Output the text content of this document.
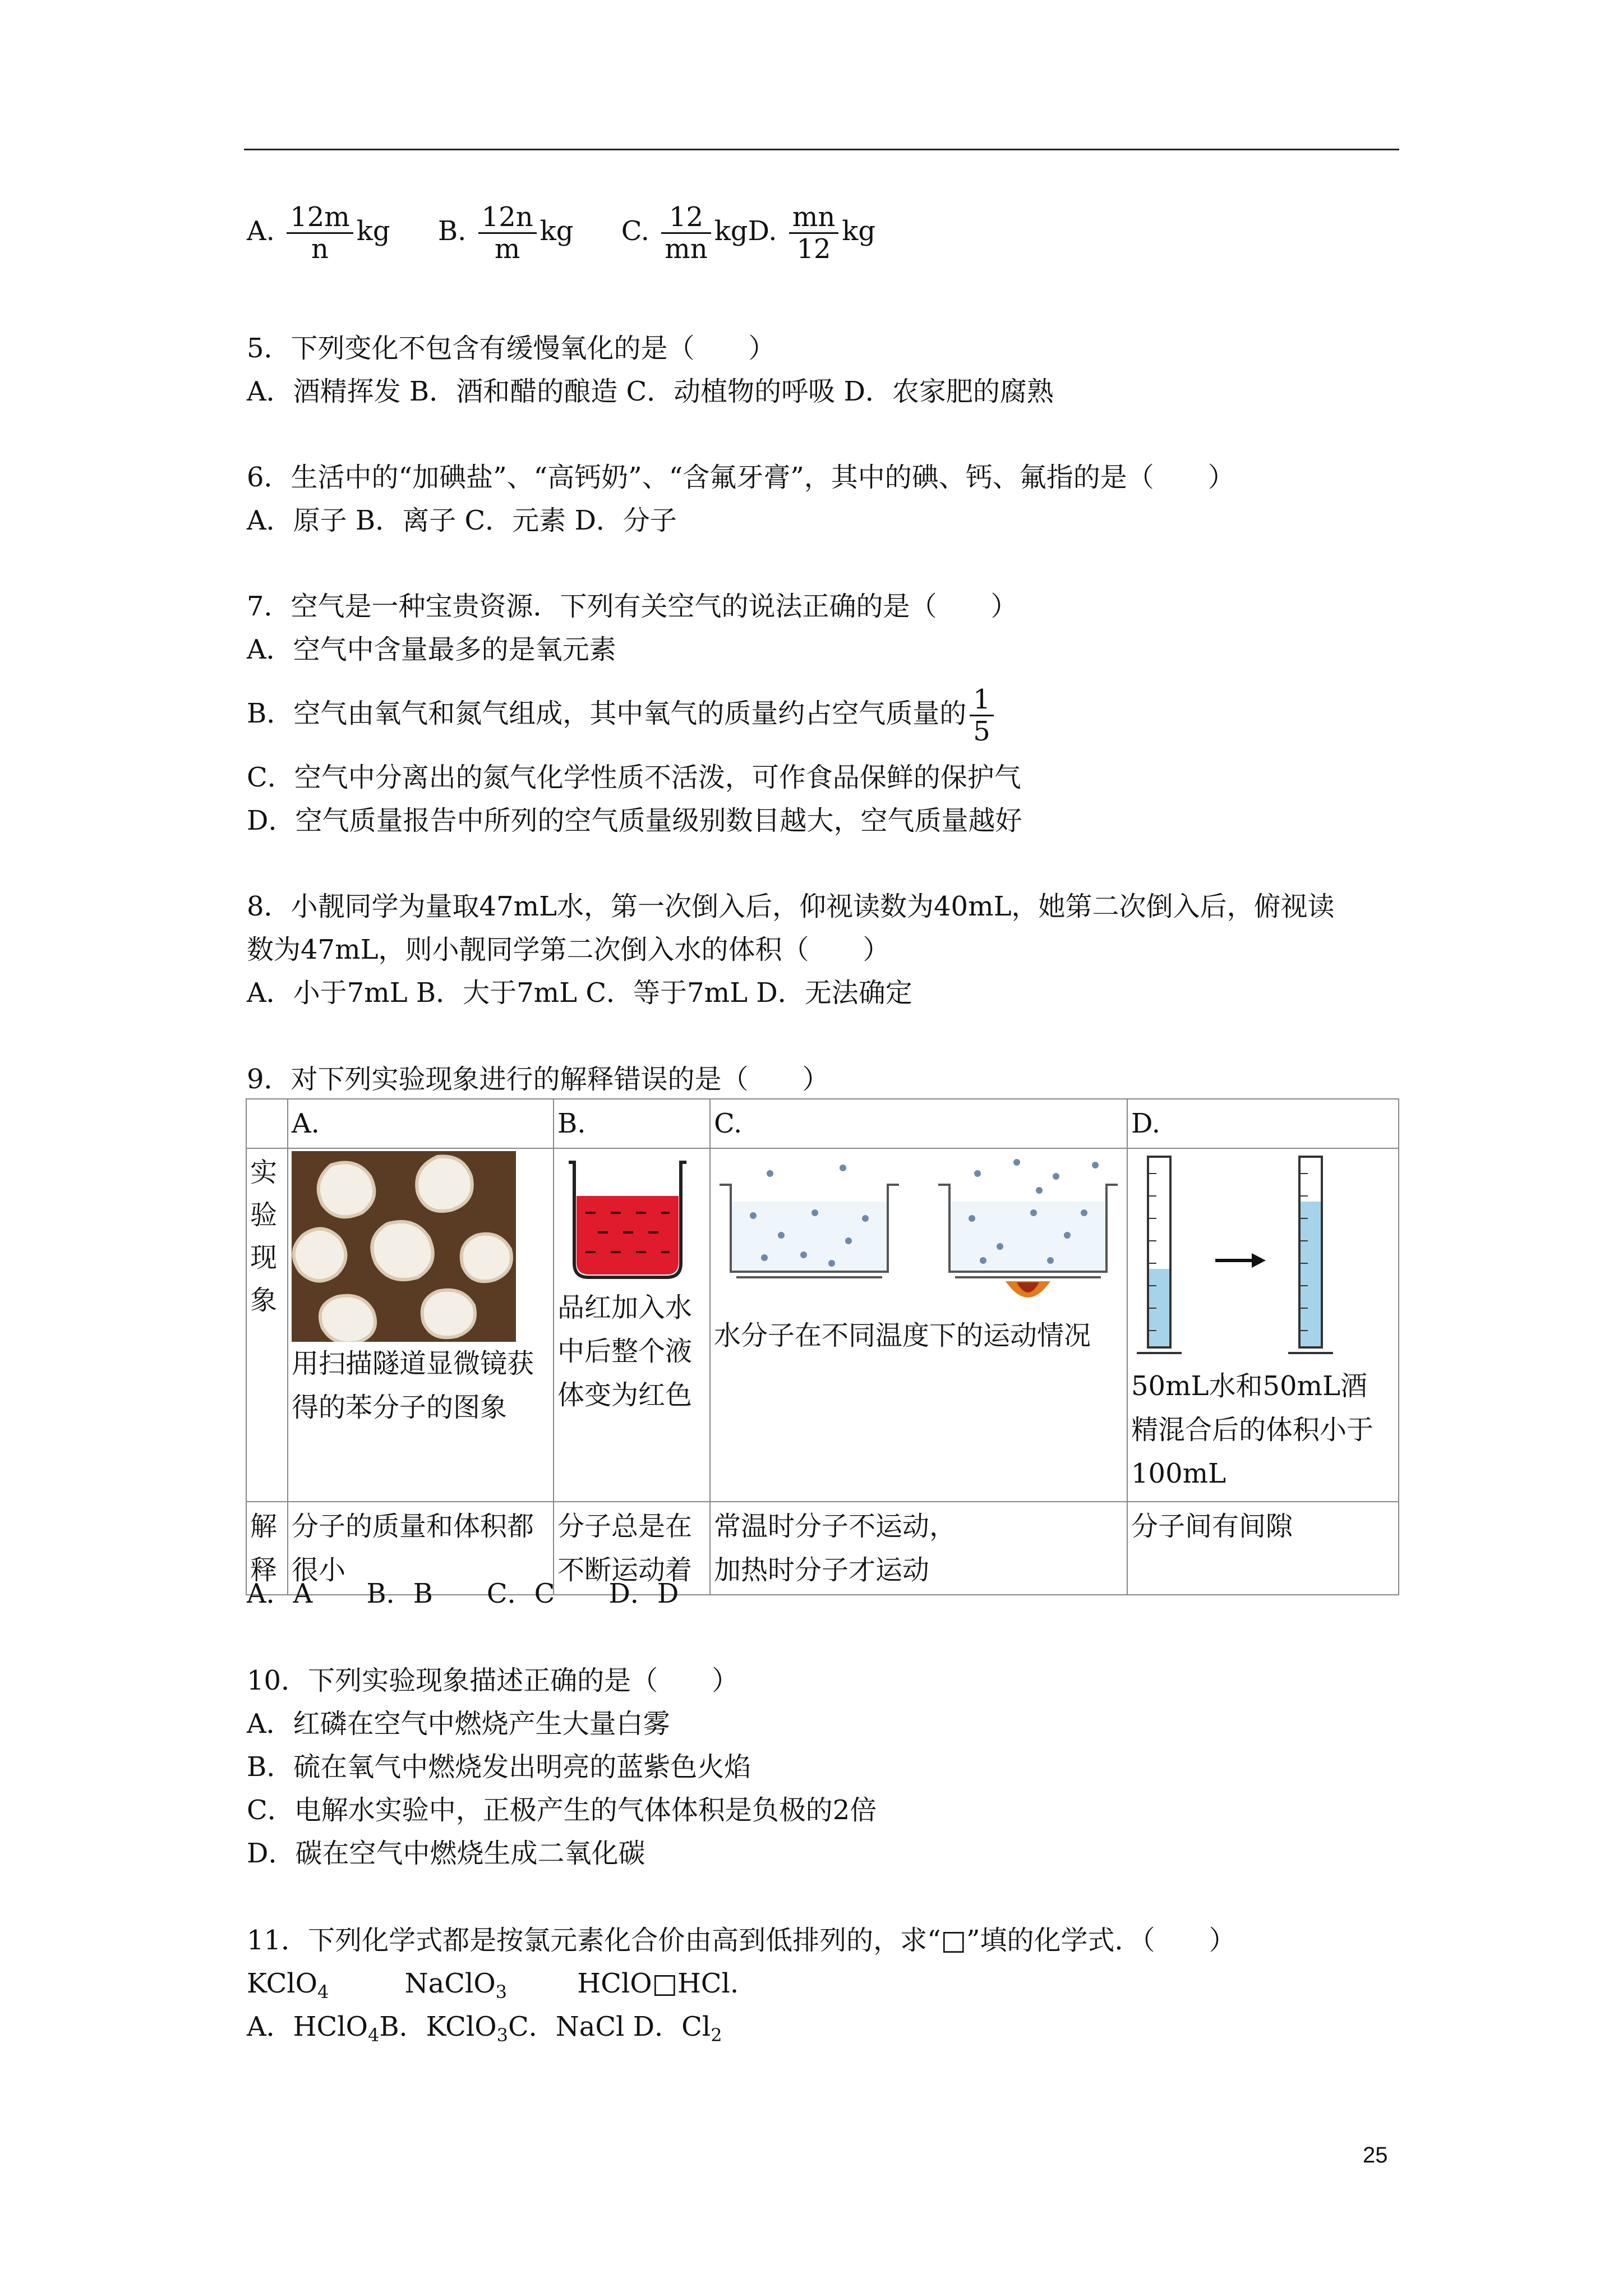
A. $\frac{12m}{n}$ kg B. $\frac{12n}{m}$ kg C. $\frac{12}{mn}$ kgD. $\frac{mn}{12}$ kg
5．下列变化不包含有缓慢氧化的是（　　）
A．酒精挥发 B．酒和醋的酿造 C．动植物的呼吸 D．农家肥的腐熟
6．生活中的“加碘盐”、“高钙奶”、“含氟牙膏”，其中的碘、钙、氟指的是（　　）
A．原子 B．离子 C．元素 D．分子
7．空气是一种宝贵资源．下列有关空气的说法正确的是（　　）
A．空气中含量最多的是氧元素
B．空气由氧气和氮气组成，其中氧气的质量约占空气质量的 $\frac{1}{5}$
C．空气中分离出的氮气化学性质不活泼，可作食品保鲜的保护气
D．空气质量报告中所列的空气质量级别数目越大，空气质量越好
8．小靓同学为量取47mL水，第一次倒入后，仰视读数为40mL，她第二次倒入后，俯视读
数为47mL，则小靓同学第二次倒入水的体积（　　）
A．小于7mL B．大于7mL C．等于7mL D．无法确定
9．对下列实验现象进行的解释错误的是（　　）
	A.	B.	C.	D.

实验现象	用扫描隧道显微镜获得的苯分子的图象	品红加入水中后整个液体变为红色	水分子在不同温度下的运动情况	50mL水和50mL酒精混合后的体积小于100mL

解释	分子的质量和体积都很小	分子总是在不断运动着	常温时分子不运动，
加热时分子才运动	分子间有间隙
A．A　　B．B　　C．C　　D．D
10．下列实验现象描述正确的是（　　）
A．红磷在空气中燃烧产生大量白雾
B．硫在氧气中燃烧发出明亮的蓝紫色火焰
C．电解水实验中，正极产生的气体体积是负极的2倍
D．碳在空气中燃烧生成二氧化碳
11．下列化学式都是按氯元素化合价由高到低排列的，求“□”填的化学式．（　　）
KClO$_4$	NaClO$_3$	HClO□HCl.
A．HClO$_4$B．KClO$_3$C．NaCl D．$Cl_2$
25
